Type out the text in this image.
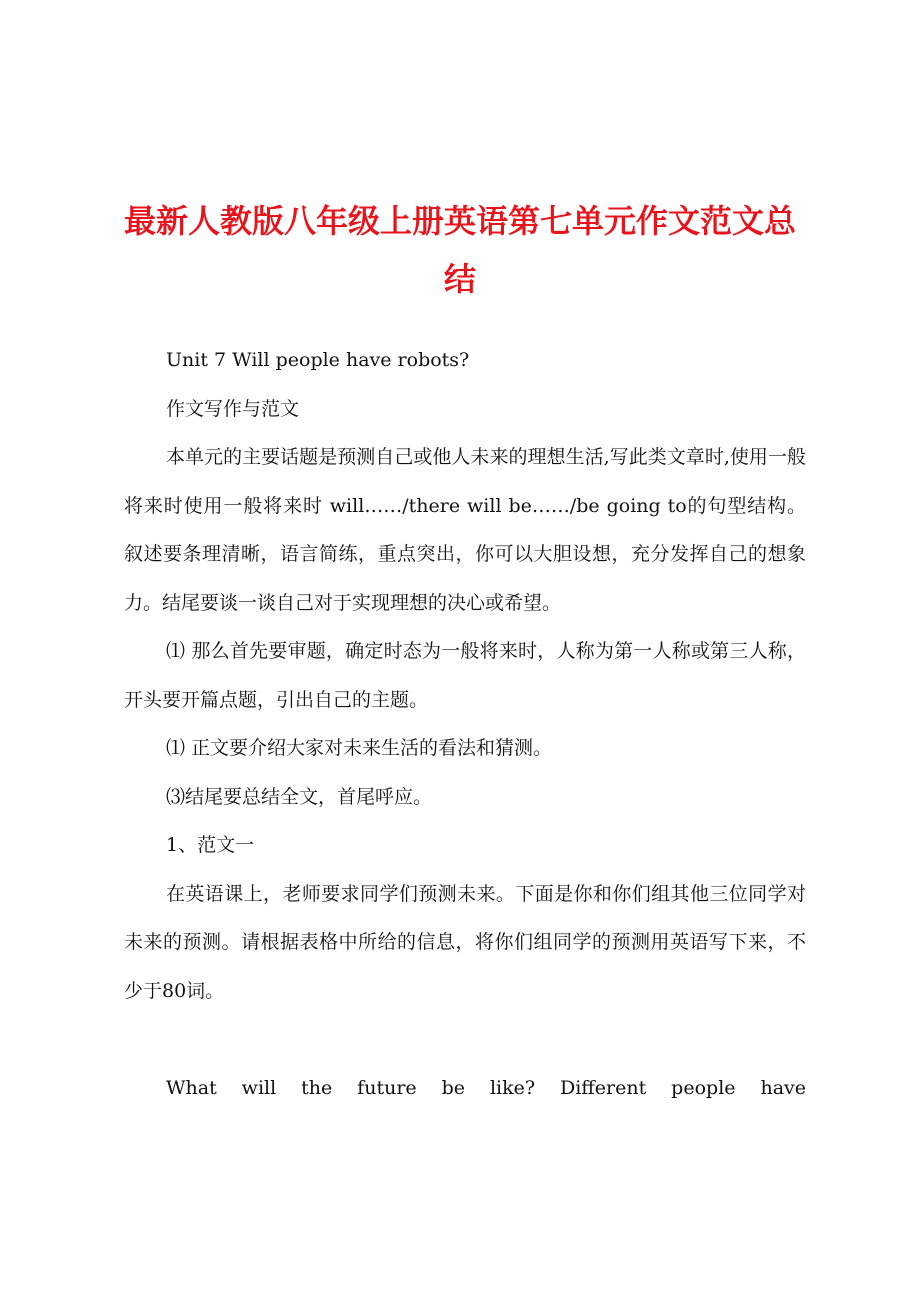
最新人教版八年级上册英语第七单元作文范文总结

Unit 7 Will people have robots?

作文写作与范文

本单元的主要话题是预测自己或他人未来的理想生活,写此类文章时,使用一般将来时使用一般将来时 will……/there will be……/be going to的句型结构。叙述要条理清晰，语言简练，重点突出，你可以大胆设想，充分发挥自己的想象力。结尾要谈一谈自己对于实现理想的决心或希望。

⑴ 那么首先要审题，确定时态为一般将来时，人称为第一人称或第三人称，开头要开篇点题，引出自己的主题。

⑴ 正文要介绍大家对未来生活的看法和猜测。

⑶结尾要总结全文，首尾呼应。

1、范文一

在英语课上，老师要求同学们预测未来。下面是你和你们组其他三位同学对未来的预测。请根据表格中所给的信息，将你们组同学的预测用英语写下来，不少于80词。

What will the future be like? Different people have
